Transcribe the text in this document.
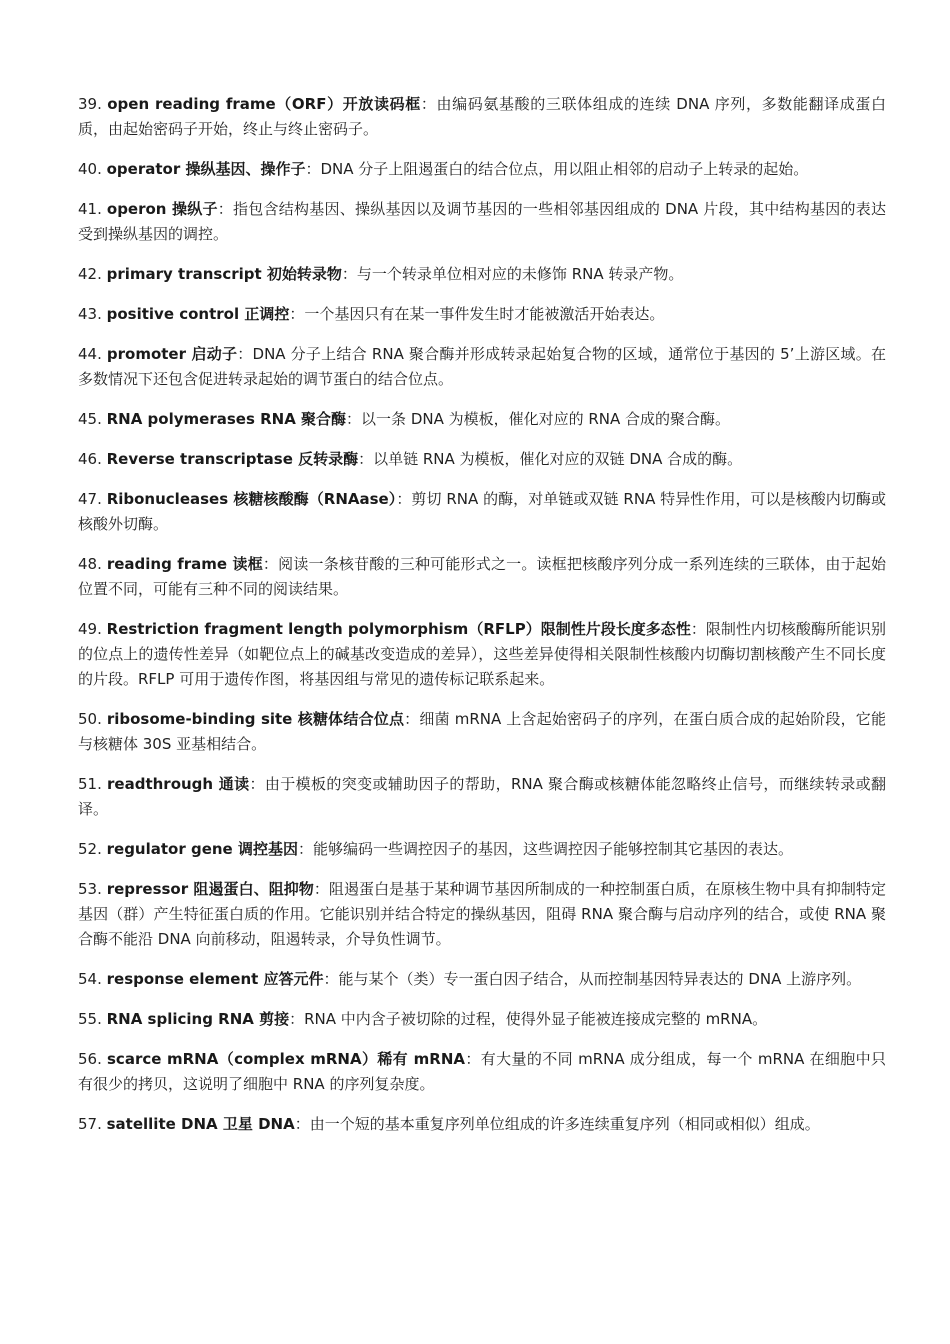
39. open reading frame（ORF）开放读码框：由编码氨基酸的三联体组成的连续 DNA 序列，多数能翻译成蛋白质，由起始密码子开始，终止与终止密码子。

40. operator 操纵基因、操作子：DNA 分子上阻遏蛋白的结合位点，用以阻止相邻的启动子上转录的起始。

41. operon 操纵子：指包含结构基因、操纵基因以及调节基因的一些相邻基因组成的 DNA 片段，其中结构基因的表达受到操纵基因的调控。

42. primary transcript 初始转录物：与一个转录单位相对应的未修饰 RNA 转录产物。

43. positive control 正调控：一个基因只有在某一事件发生时才能被激活开始表达。

44. promoter 启动子：DNA 分子上结合 RNA 聚合酶并形成转录起始复合物的区域，通常位于基因的 5’上游区域。在多数情况下还包含促进转录起始的调节蛋白的结合位点。

45. RNA polymerases RNA 聚合酶：以一条 DNA 为模板，催化对应的 RNA 合成的聚合酶。

46. Reverse transcriptase 反转录酶：以单链 RNA 为模板，催化对应的双链 DNA 合成的酶。

47. Ribonucleases 核糖核酸酶（RNAase）：剪切 RNA 的酶，对单链或双链 RNA 特异性作用，可以是核酸内切酶或核酸外切酶。

48. reading frame 读框：阅读一条核苷酸的三种可能形式之一。读框把核酸序列分成一系列连续的三联体，由于起始位置不同，可能有三种不同的阅读结果。

49. Restriction fragment length polymorphism（RFLP）限制性片段长度多态性：限制性内切核酸酶所能识别的位点上的遗传性差异（如靶位点上的碱基改变造成的差异），这些差异使得相关限制性核酸内切酶切割核酸产生不同长度的片段。RFLP 可用于遗传作图，将基因组与常见的遗传标记联系起来。

50. ribosome-binding site 核糖体结合位点：细菌 mRNA 上含起始密码子的序列，在蛋白质合成的起始阶段，它能与核糖体 30S 亚基相结合。

51. readthrough 通读：由于模板的突变或辅助因子的帮助，RNA 聚合酶或核糖体能忽略终止信号，而继续转录或翻译。

52. regulator gene 调控基因：能够编码一些调控因子的基因，这些调控因子能够控制其它基因的表达。

53. repressor 阻遏蛋白、阻抑物：阻遏蛋白是基于某种调节基因所制成的一种控制蛋白质，在原核生物中具有抑制特定基因（群）产生特征蛋白质的作用。它能识别并结合特定的操纵基因，阻碍 RNA 聚合酶与启动序列的结合，或使 RNA 聚合酶不能沿 DNA 向前移动，阻遏转录，介导负性调节。

54. response element 应答元件：能与某个（类）专一蛋白因子结合，从而控制基因特异表达的 DNA 上游序列。

55. RNA splicing RNA 剪接：RNA 中内含子被切除的过程，使得外显子能被连接成完整的 mRNA。

56. scarce mRNA（complex mRNA）稀有 mRNA：有大量的不同 mRNA 成分组成，每一个 mRNA 在细胞中只有很少的拷贝，这说明了细胞中 RNA 的序列复杂度。

57. satellite DNA 卫星 DNA：由一个短的基本重复序列单位组成的许多连续重复序列（相同或相似）组成。
